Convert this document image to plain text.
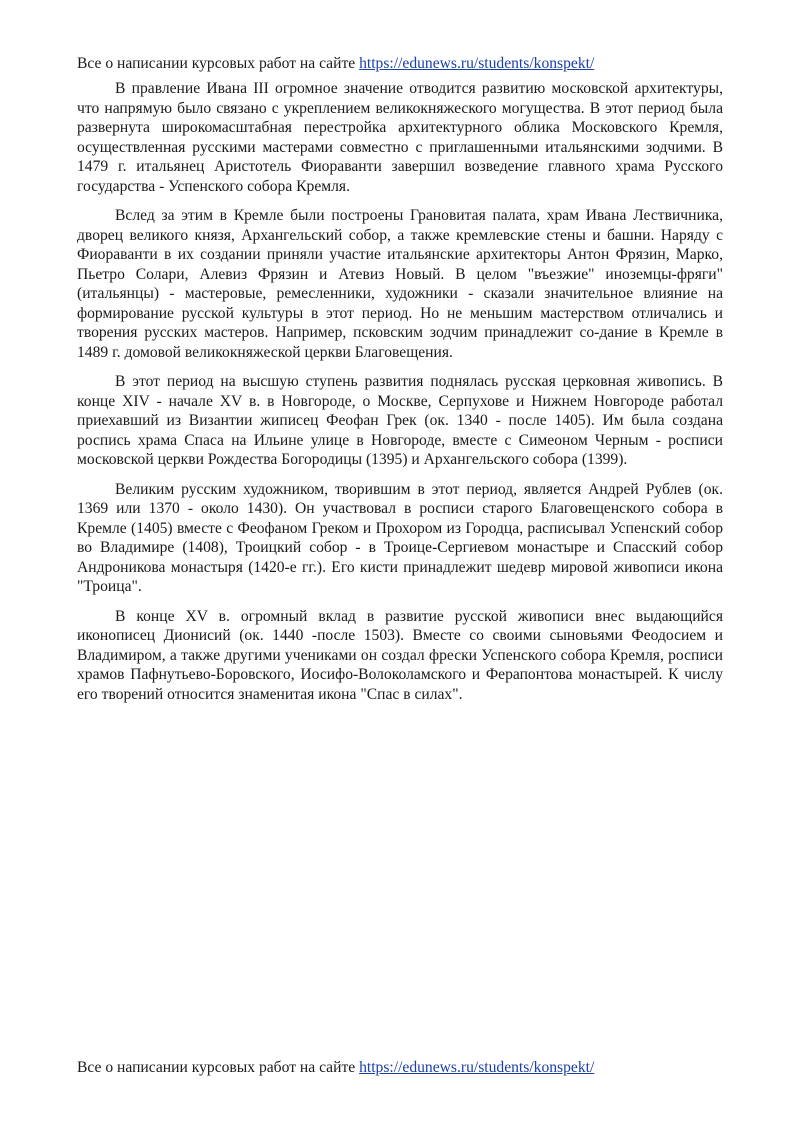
Все о написании курсовых работ на сайте https://edunews.ru/students/konspekt/

В правление Ивана III огромное значение отводится развитию московской архитектуры, что напрямую было связано с укреплением великокняжеского могущества. В этот период была развернута широкомасштабная перестройка архитектурного облика Московского Кремля, осуществленная русскими мастерами совместно с приглашенными итальянскими зодчими. В 1479 г. итальянец Аристотель Фиораванти завершил возведение главного храма Русского государства - Успенского собора Кремля.

Вслед за этим в Кремле были построены Грановитая палата, храм Ивана Лествичника, дворец великого князя, Архангельский собор, а также кремлевские стены и башни. Наряду с Фиораванти в их создании приняли участие итальянские архитекторы Антон Фрязин, Марко, Пьетро Солари, Алевиз Фрязин и Атевиз Новый. В целом "въезжие" иноземцы-фряги" (итальянцы) - мастеровые, ремесленники, художники - сказали значительное влияние на формирование русской культуры в этот период. Но не меньшим мастерством отличались и творения русских мастеров. Например, псковским зодчим принадлежит со-дание в Кремле в 1489 г. домовой великокняжеской церкви Благовещения.

В этот период на высшую ступень развития поднялась русская церковная живопись. В конце XIV - начале XV в. в Новгороде, о Москве, Серпухове и Нижнем Новгороде работал приехавший из Византии жиписец Феофан Грек (ок. 1340 - после 1405). Им была создана роспись храма Спаса на Ильине улице в Новгороде, вместе с Симеоном Черным - росписи московской церкви Рождества Богородицы (1395) и Архангельского собора (1399).

Великим русским художником, творившим в этот период, является Андрей Рублев (ок. 1369 или 1370 - около 1430). Он участвовал в росписи старого Благовещенского собора в Кремле (1405) вместе с Феофаном Греком и Прохором из Городца, расписывал Успенский собор во Владимире (1408), Троицкий собор - в Троице-Сергиевом монастыре и Спасский собор Андроникова монастыря (1420-е гг.). Его кисти принадлежит шедевр мировой живописи икона "Троица".

В конце XV в. огромный вклад в развитие русской живописи внес выдающийся иконописец Дионисий (ок. 1440 -после 1503). Вместе со своими сыновьями Феодосием и Владимиром, а также другими учениками он создал фрески Успенского собора Кремля, росписи храмов Пафнутьево-Боровского, Иосифо-Волоколамского и Ферапонтова монастырей. К числу его творений относится знаменитая икона "Спас в силах".

Все о написании курсовых работ на сайте https://edunews.ru/students/konspekt/
